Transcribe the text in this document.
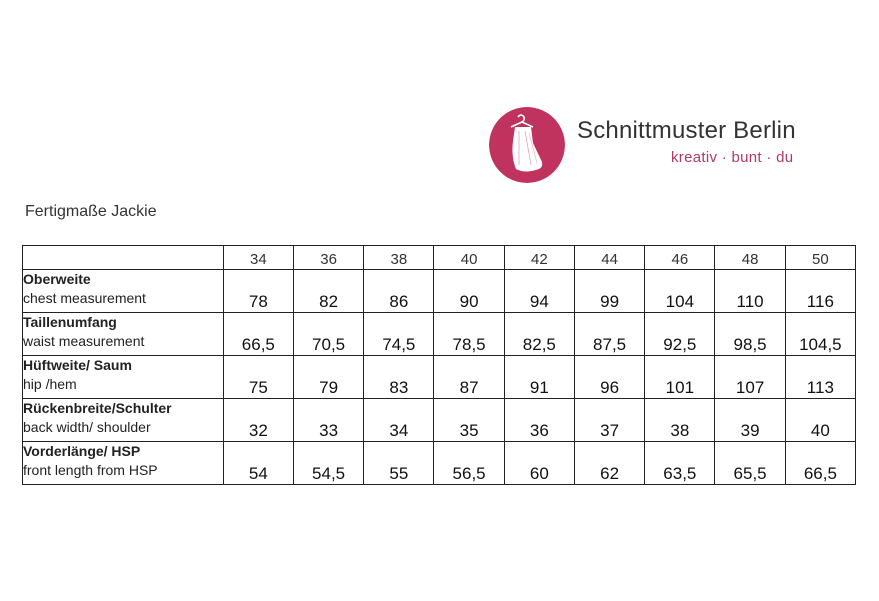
Schnittmuster Berlin
kreativ · bunt · du
Fertigmaße Jackie
	34	36	38	40	42	44	46	48	50

Oberweite
chest measurement	78	82	86	90	94	99	104	110	116

Taillenumfang
waist measurement	66,5	70,5	74,5	78,5	82,5	87,5	92,5	98,5	104,5

Hüftweite/ Saum
hip /hem	75	79	83	87	91	96	101	107	113

Rückenbreite/Schulter
back width/ shoulder	32	33	34	35	36	37	38	39	40

Vorderlänge/ HSP
front length from HSP	54	54,5	55	56,5	60	62	63,5	65,5	66,5
